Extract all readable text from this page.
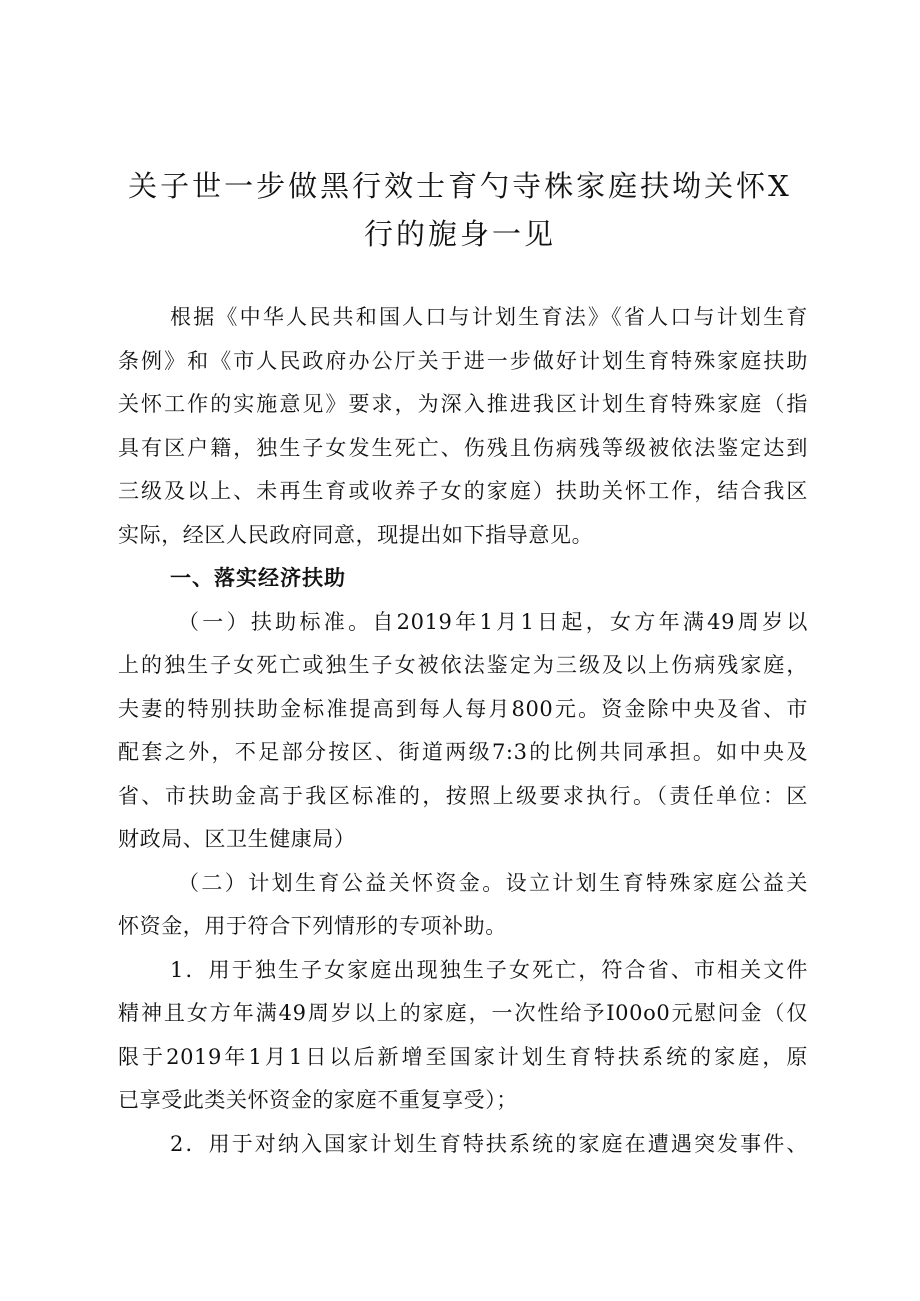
关子世一步做黑行效士育勺寺株家庭扶坳关怀X
行的旎身一见
根据《中华人民共和国人口与计划生育法》《省人口与计划生育
条例》和《市人民政府办公厅关于进一步做好计划生育特殊家庭扶助
关怀工作的实施意见》要求，为深入推进我区计划生育特殊家庭（指
具有区户籍，独生子女发生死亡、伤残且伤病残等级被依法鉴定达到
三级及以上、未再生育或收养子女的家庭）扶助关怀工作，结合我区
实际，经区人民政府同意，现提出如下指导意见。
一、落实经济扶助
（一）扶助标准。自2019年1月1日起，女方年满49周岁以
上的独生子女死亡或独生子女被依法鉴定为三级及以上伤病残家庭，
夫妻的特别扶助金标准提高到每人每月800元。资金除中央及省、市
配套之外，不足部分按区、街道两级7:3的比例共同承担。如中央及
省、市扶助金高于我区标准的，按照上级要求执行。（责任单位：区
财政局、区卫生健康局）
（二）计划生育公益关怀资金。设立计划生育特殊家庭公益关
怀资金，用于符合下列情形的专项补助。
1．用于独生子女家庭出现独生子女死亡，符合省、市相关文件
精神且女方年满49周岁以上的家庭，一次性给予I00o0元慰问金（仅
限于2019年1月1日以后新增至国家计划生育特扶系统的家庭，原
已享受此类关怀资金的家庭不重复享受）；
2．用于对纳入国家计划生育特扶系统的家庭在遭遇突发事件、
